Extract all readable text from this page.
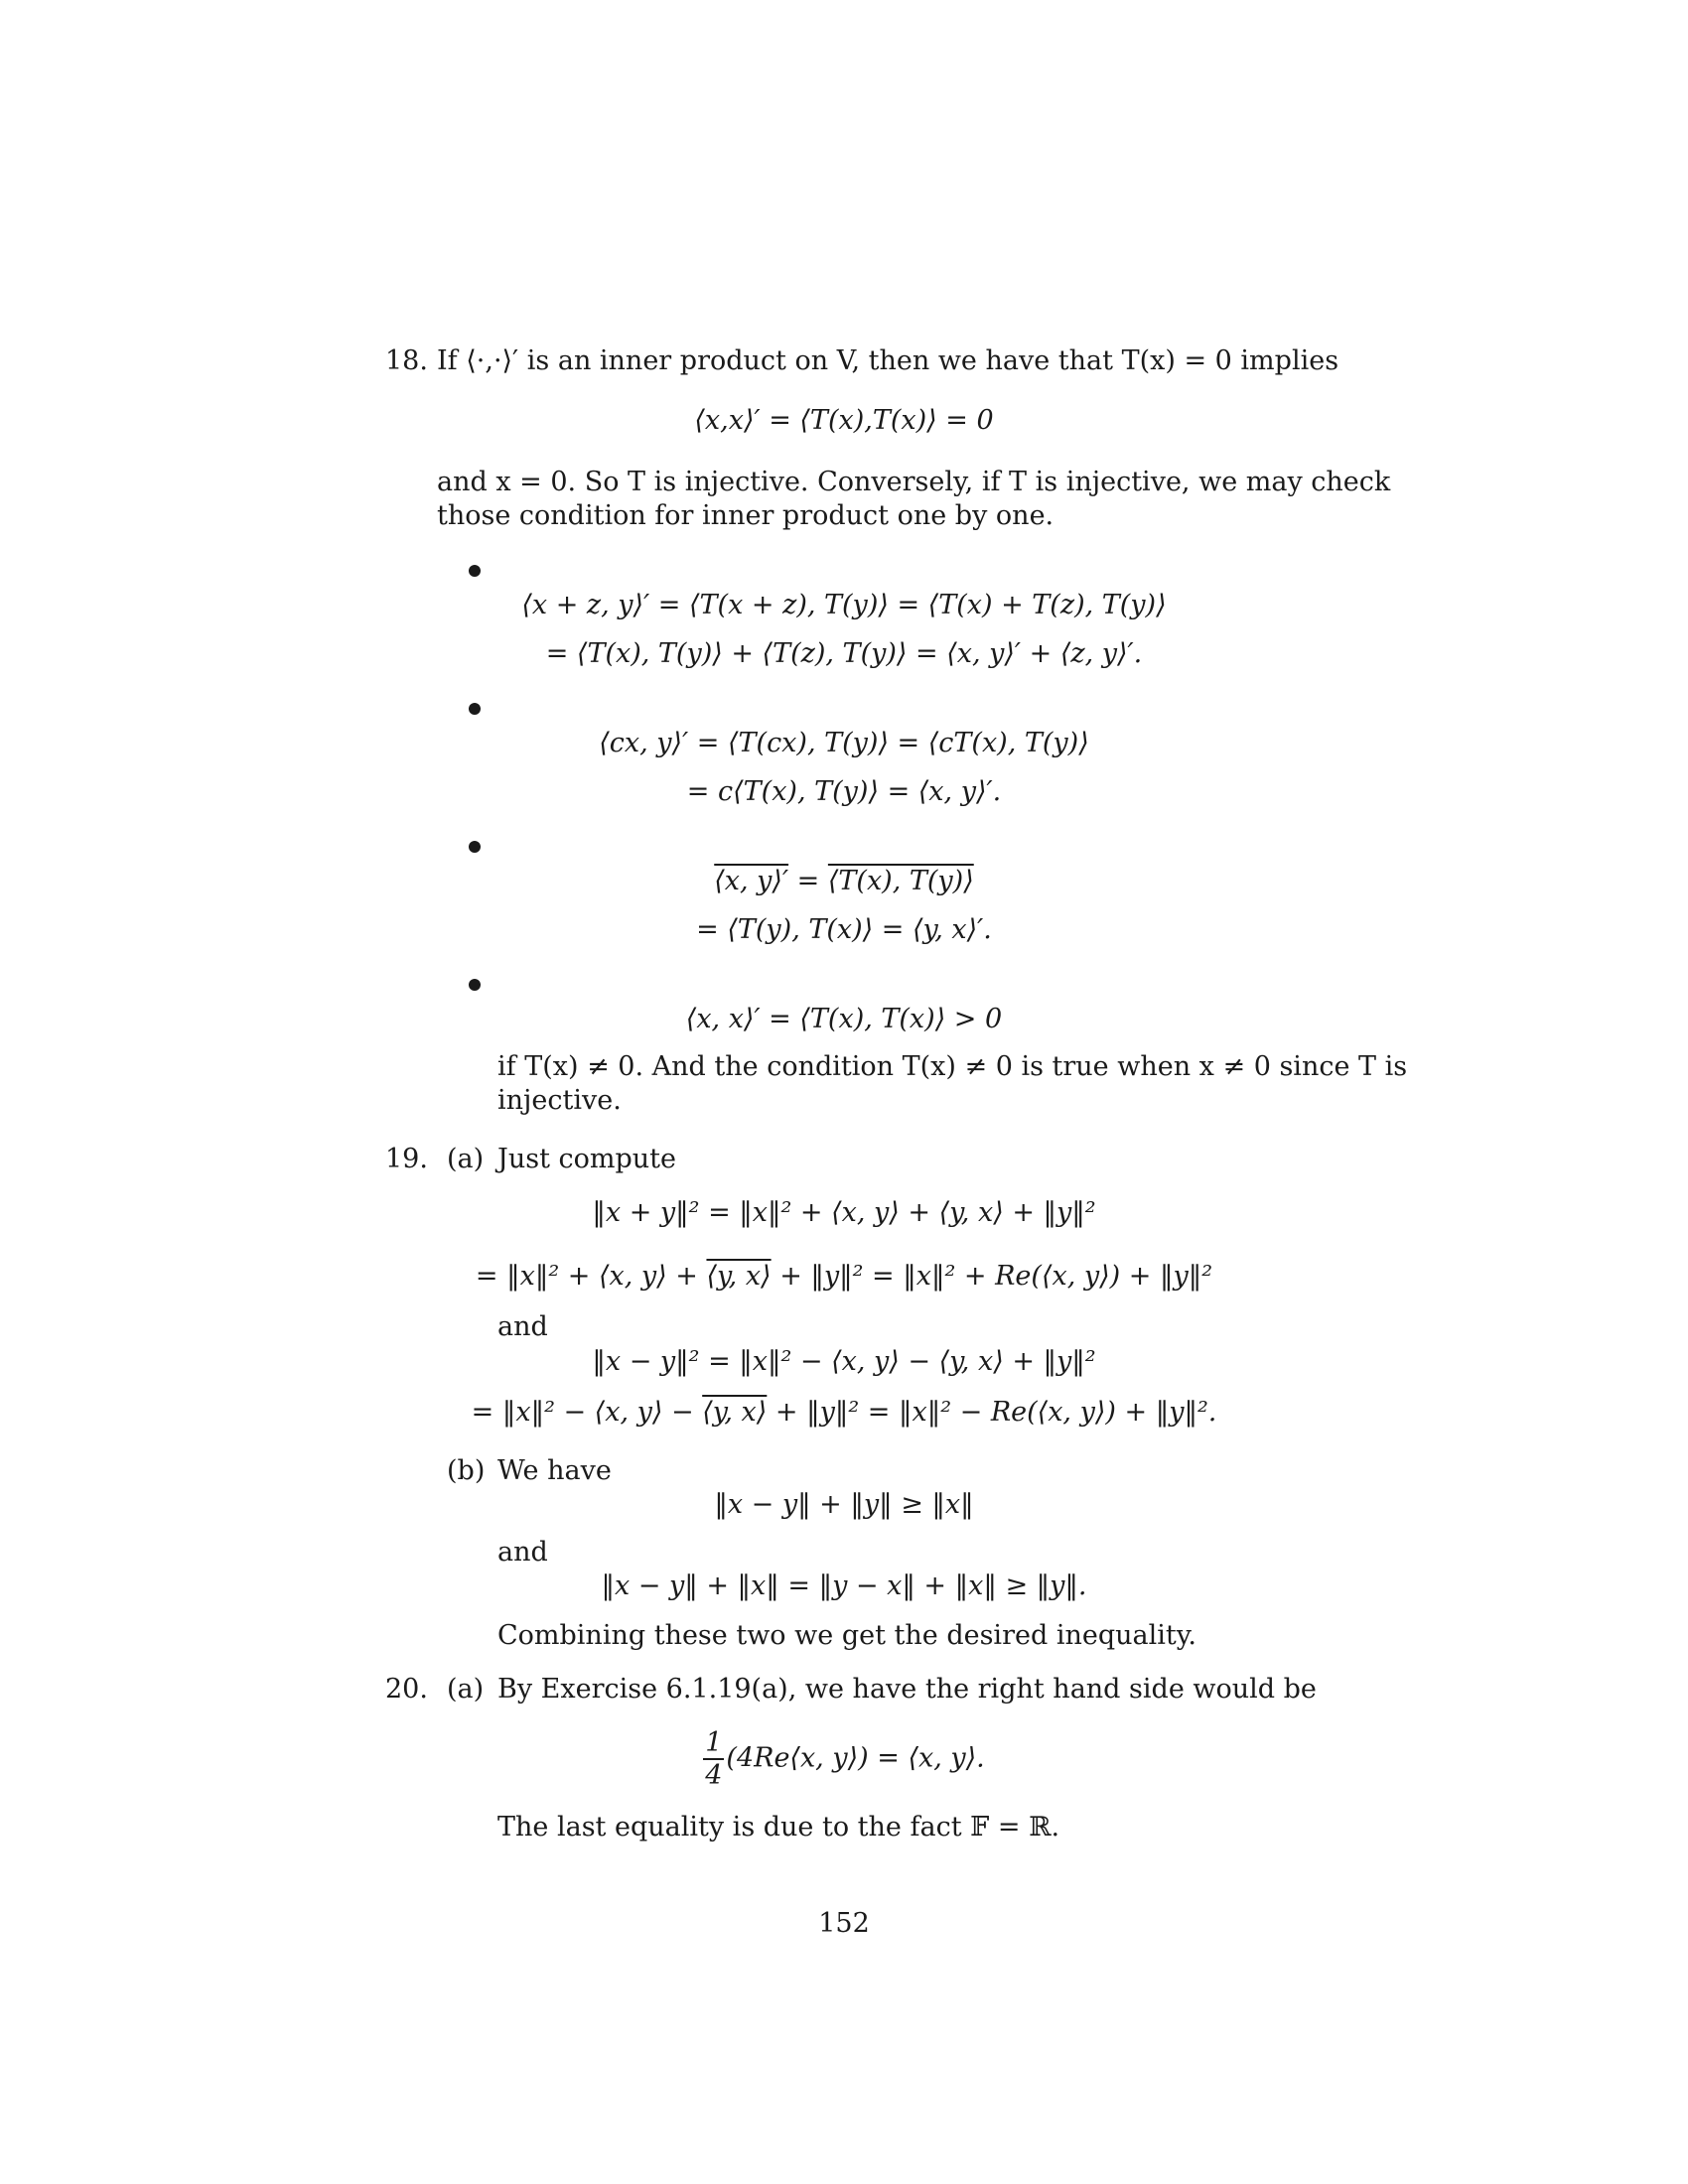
18. If ⟨·,·⟩′ is an inner product on V, then we have that T(x) = 0 implies
⟨x,x⟩′ = ⟨T(x),T(x)⟩ = 0
and x = 0. So T is injective. Conversely, if T is injective, we may check
those condition for inner product one by one.
⟨x + z, y⟩′ = ⟨T(x + z), T(y)⟩ = ⟨T(x) + T(z), T(y)⟩
= ⟨T(x), T(y)⟩ + ⟨T(z), T(y)⟩ = ⟨x, y⟩′ + ⟨z, y⟩′.
⟨cx, y⟩′ = ⟨T(cx), T(y)⟩ = ⟨cT(x), T(y)⟩
= c⟨T(x), T(y)⟩ = ⟨x, y⟩′.
⟨x, y⟩′ = ⟨T(x), T(y)⟩
= ⟨T(y), T(x)⟩ = ⟨y, x⟩′.
⟨x, x⟩′ = ⟨T(x), T(x)⟩ > 0
if T(x) ≠ 0. And the condition T(x) ≠ 0 is true when x ≠ 0 since T is
injective.
19. (a) Just compute
‖x + y‖² = ‖x‖² + ⟨x, y⟩ + ⟨y, x⟩ + ‖y‖²
= ‖x‖² + ⟨x, y⟩ + ⟨y, x⟩ + ‖y‖² = ‖x‖² + Re(⟨x, y⟩) + ‖y‖²
and
‖x − y‖² = ‖x‖² − ⟨x, y⟩ − ⟨y, x⟩ + ‖y‖²
= ‖x‖² − ⟨x, y⟩ − ⟨y, x⟩ + ‖y‖² = ‖x‖² − Re(⟨x, y⟩) + ‖y‖².
(b) We have
‖x − y‖ + ‖y‖ ≥ ‖x‖
and
‖x − y‖ + ‖x‖ = ‖y − x‖ + ‖x‖ ≥ ‖y‖.
Combining these two we get the desired inequality.
20. (a) By Exercise 6.1.19(a), we have the right hand side would be
$\frac{1}{4}$ (4Re⟨x, y⟩) = ⟨x, y⟩.
The last equality is due to the fact 𝔽 = ℝ.
152
